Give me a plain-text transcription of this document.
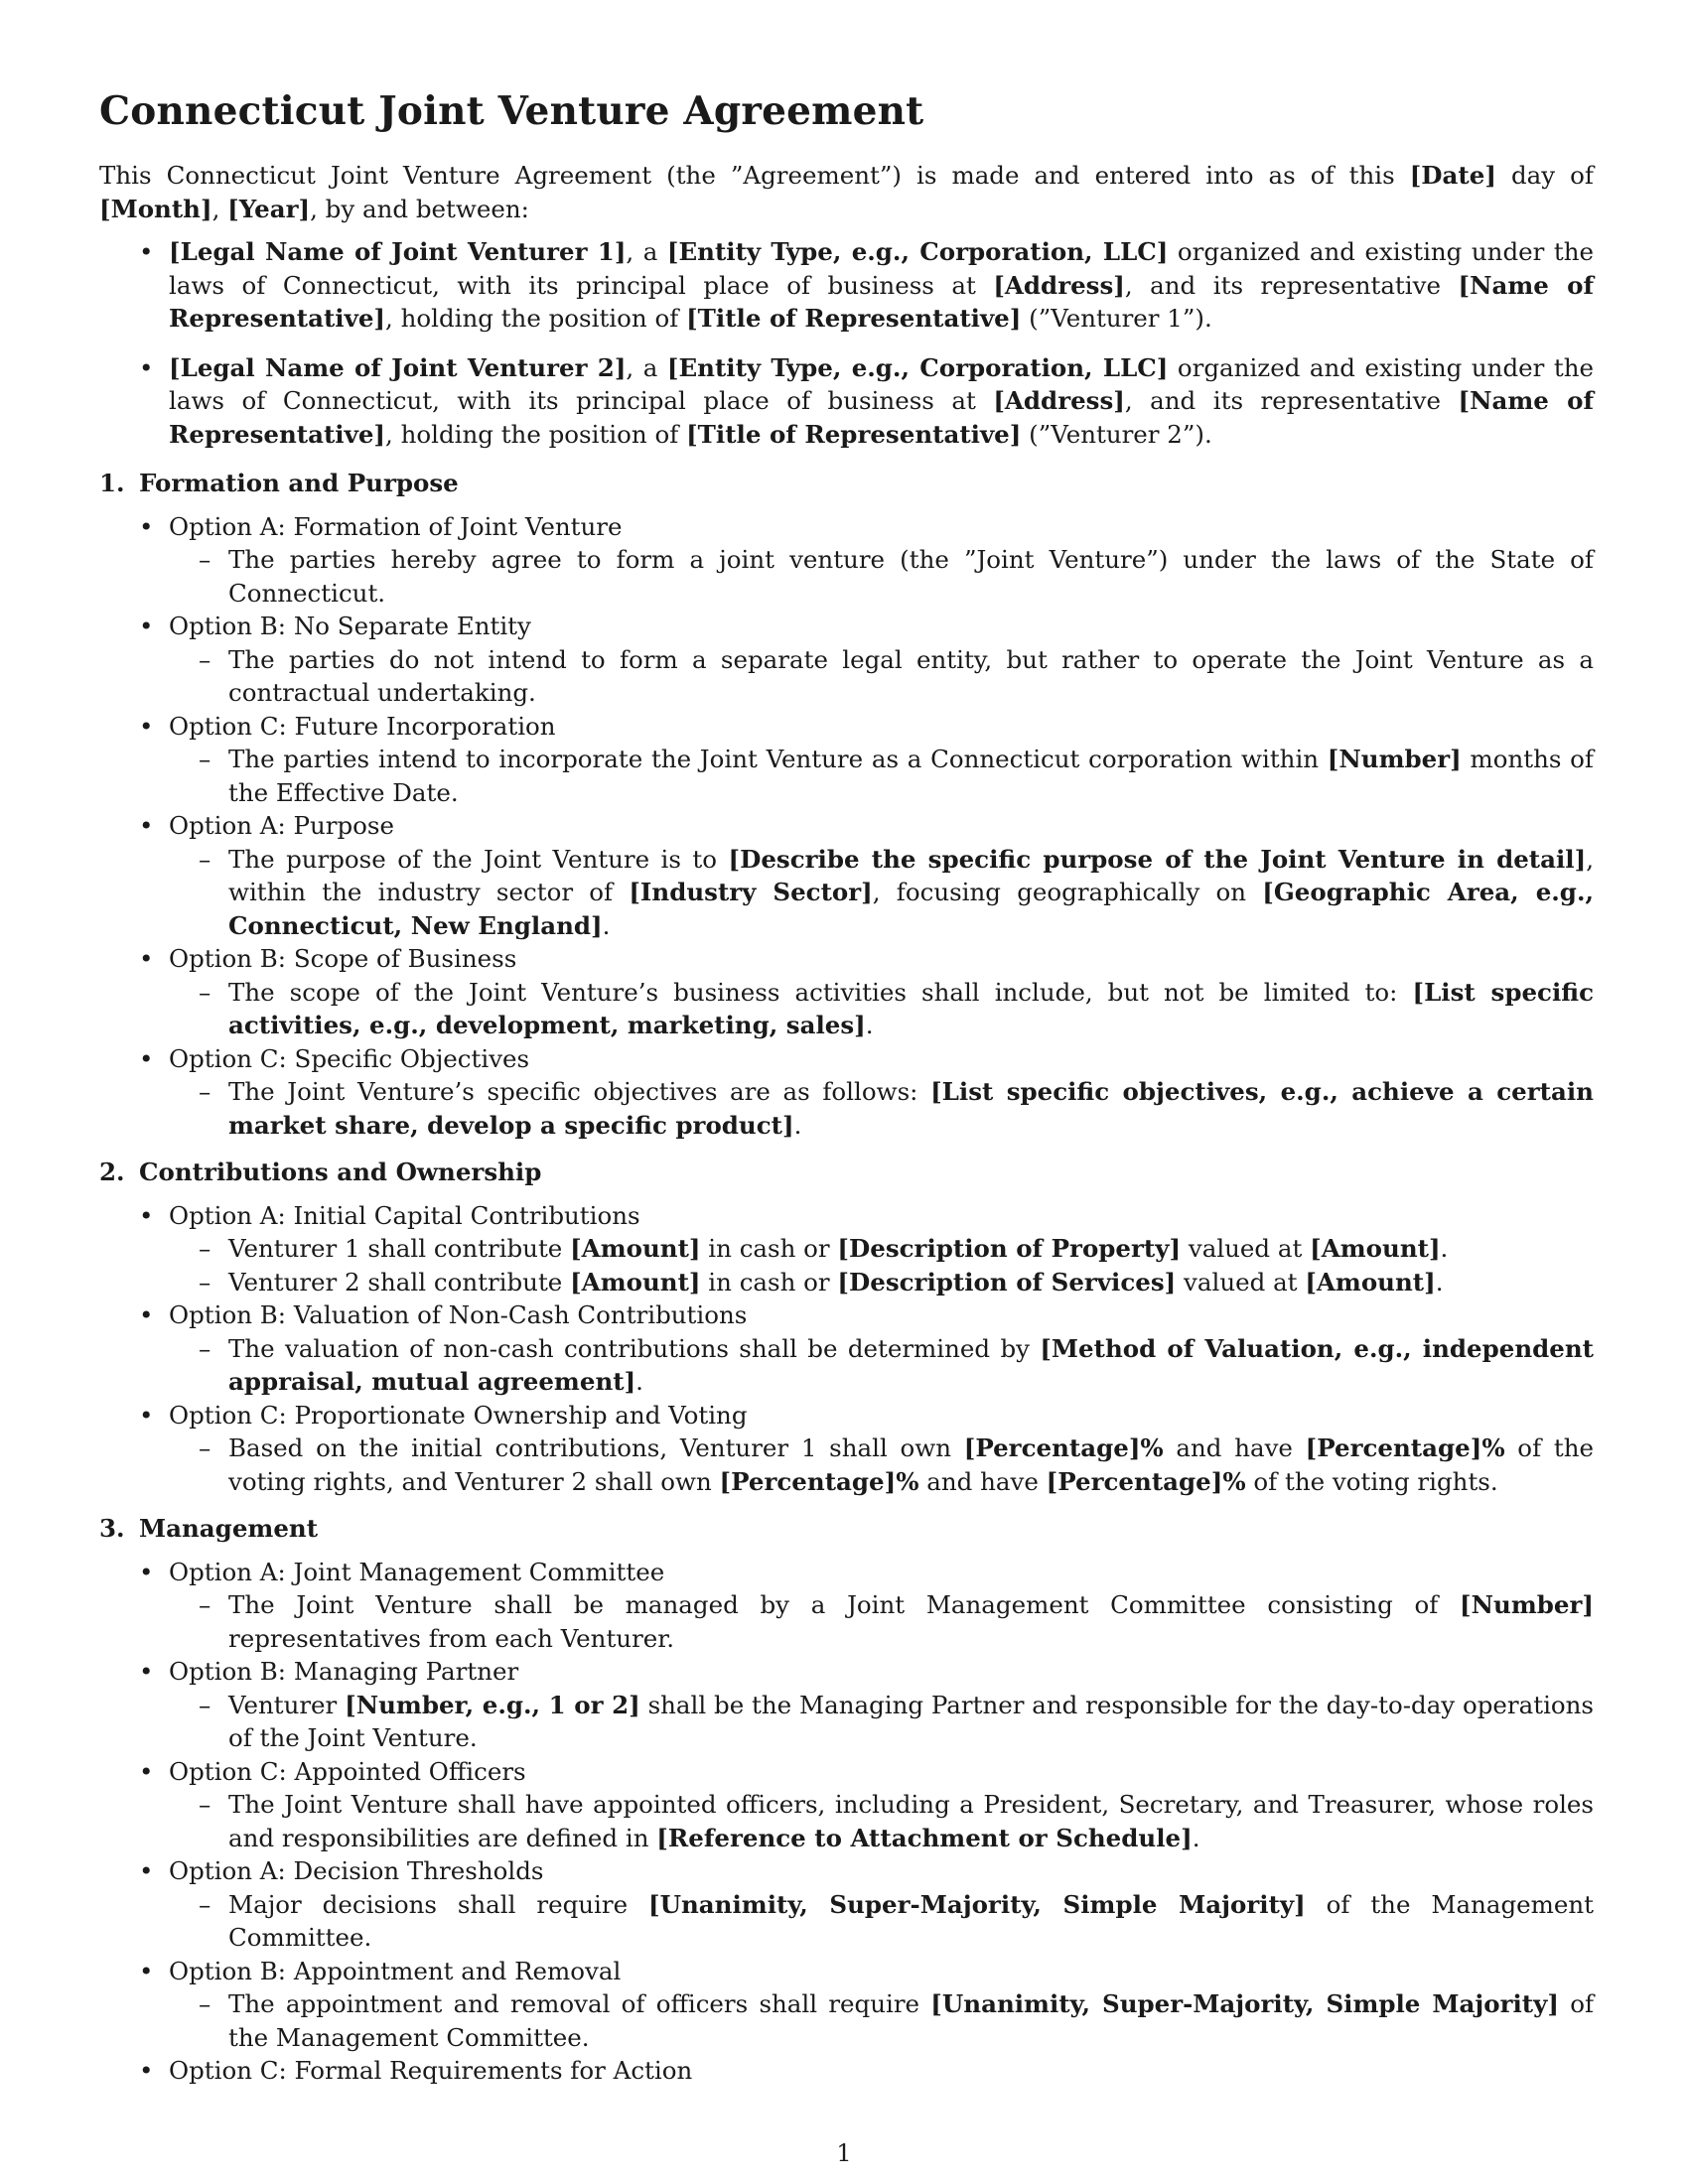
Connecticut Joint Venture Agreement

This Connecticut Joint Venture Agreement (the ”Agreement”) is made and entered into as of this [Date] day of [Month], [Year], by and between:

• [Legal Name of Joint Venturer 1], a [Entity Type, e.g., Corporation, LLC] organized and existing under the laws of Connecticut, with its principal place of business at [Address], and its representative [Name of Representative], holding the position of [Title of Representative] (”Venturer 1”).
• [Legal Name of Joint Venturer 2], a [Entity Type, e.g., Corporation, LLC] organized and existing under the laws of Connecticut, with its principal place of business at [Address], and its representative [Name of Representative], holding the position of [Title of Representative] (”Venturer 2”).
1. Formation and Purpose
• Option A: Formation of Joint Venture
– The parties hereby agree to form a joint venture (the ”Joint Venture”) under the laws of the State of Connecticut.
• Option B: No Separate Entity
– The parties do not intend to form a separate legal entity, but rather to operate the Joint Venture as a contractual undertaking.
• Option C: Future Incorporation
– The parties intend to incorporate the Joint Venture as a Connecticut corporation within [Number] months of the Effective Date.
• Option A: Purpose
– The purpose of the Joint Venture is to [Describe the specific purpose of the Joint Venture in detail], within the industry sector of [Industry Sector], focusing geographically on [Geographic Area, e.g., Connecticut, New England].
• Option B: Scope of Business
– The scope of the Joint Venture’s business activities shall include, but not be limited to: [List specific activities, e.g., development, marketing, sales].
• Option C: Specific Objectives
– The Joint Venture’s specific objectives are as follows: [List specific objectives, e.g., achieve a certain market share, develop a specific product].
2. Contributions and Ownership
• Option A: Initial Capital Contributions
– Venturer 1 shall contribute [Amount] in cash or [Description of Property] valued at [Amount].
– Venturer 2 shall contribute [Amount] in cash or [Description of Services] valued at [Amount].
• Option B: Valuation of Non-Cash Contributions
– The valuation of non-cash contributions shall be determined by [Method of Valuation, e.g., independent appraisal, mutual agreement].
• Option C: Proportionate Ownership and Voting
– Based on the initial contributions, Venturer 1 shall own [Percentage]% and have [Percentage]% of the voting rights, and Venturer 2 shall own [Percentage]% and have [Percentage]% of the voting rights.
3. Management
• Option A: Joint Management Committee
– The Joint Venture shall be managed by a Joint Management Committee consisting of [Number] representatives from each Venturer.
• Option B: Managing Partner
– Venturer [Number, e.g., 1 or 2] shall be the Managing Partner and responsible for the day-to-day operations of the Joint Venture.
• Option C: Appointed Officers
– The Joint Venture shall have appointed officers, including a President, Secretary, and Treasurer, whose roles and responsibilities are defined in [Reference to Attachment or Schedule].
• Option A: Decision Thresholds
– Major decisions shall require [Unanimity, Super-Majority, Simple Majority] of the Management Committee.
• Option B: Appointment and Removal
– The appointment and removal of officers shall require [Unanimity, Super-Majority, Simple Majority] of the Management Committee.
• Option C: Formal Requirements for Action
1
